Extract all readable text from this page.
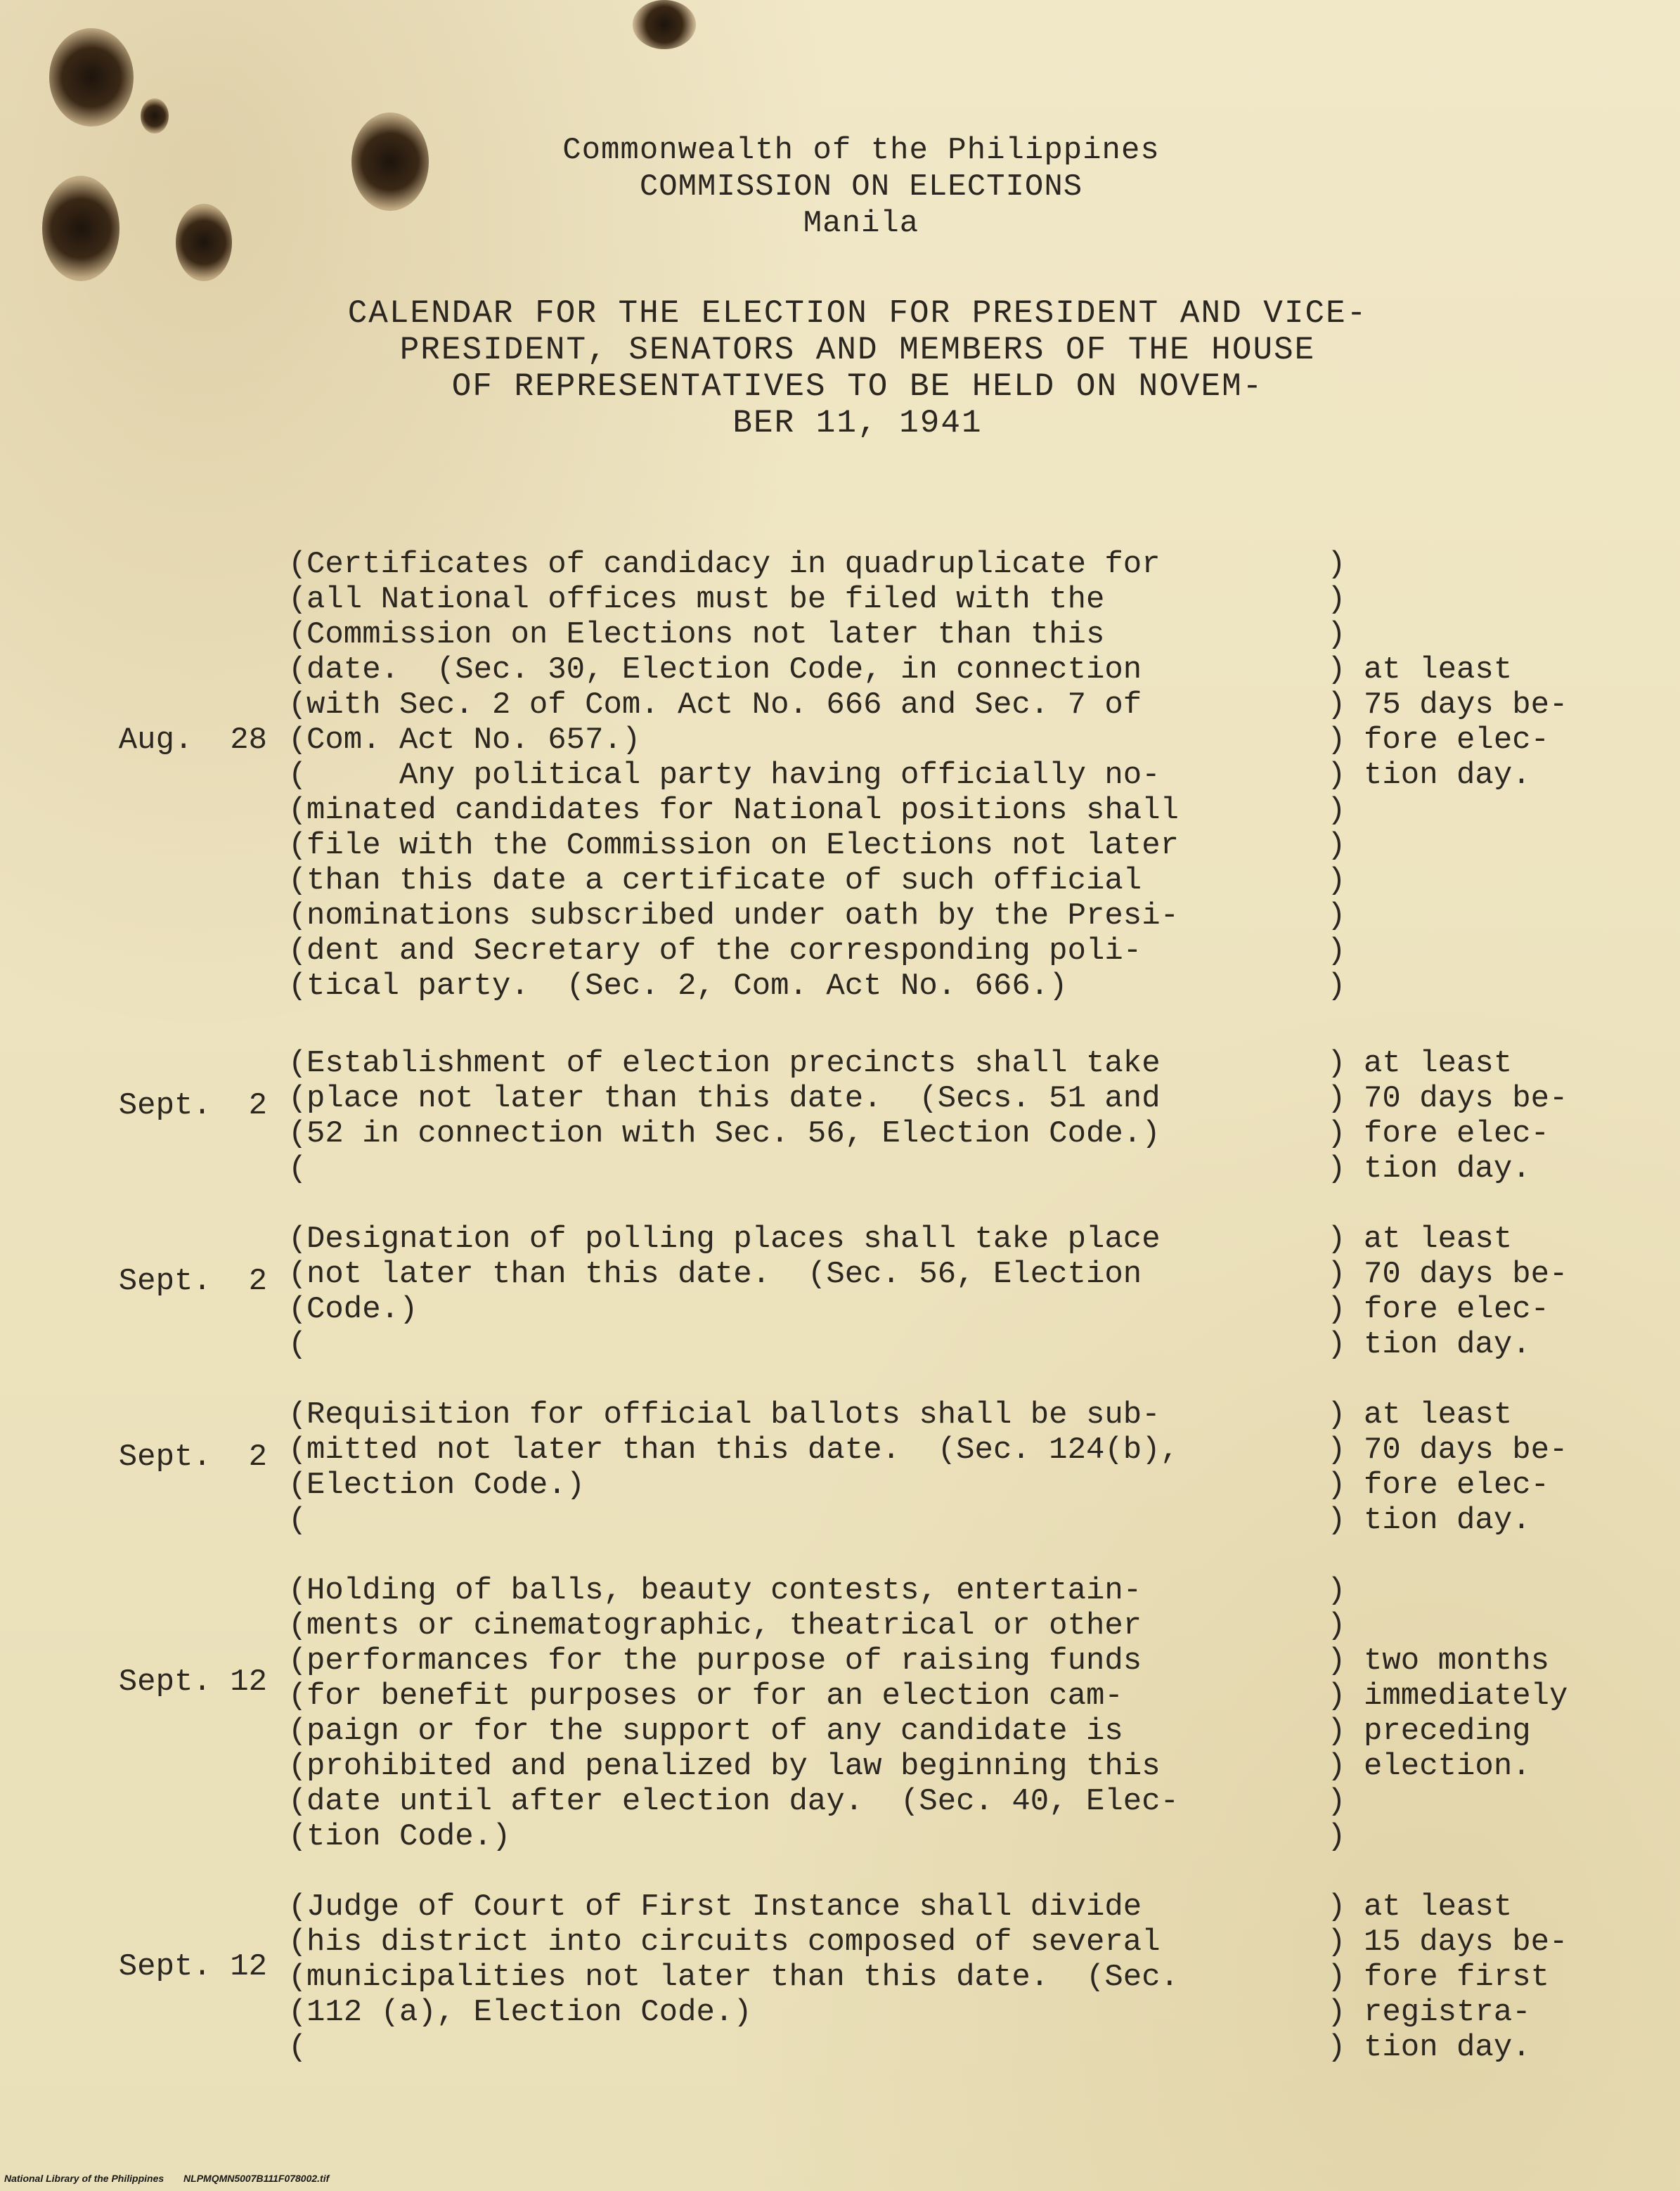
Commonwealth of the Philippines
COMMISSION ON ELECTIONS
Manila
CALENDAR FOR THE ELECTION FOR PRESIDENT AND VICE-
PRESIDENT, SENATORS AND MEMBERS OF THE HOUSE
OF REPRESENTATIVES TO BE HELD ON NOVEM-
BER 11, 1941
Aug.  28
( Certificates of candidacy in quadruplicate for
( all National offices must be filed with the
( Commission on Elections not later than this
( date.  (Sec. 30, Election Code, in connection
( with Sec. 2 of Com. Act No. 666 and Sec. 7 of
( Com. Act No. 657.)
(      Any political party having officially no-
( minated candidates for National positions shall
( file with the Commission on Elections not later
( than this date a certificate of such official
( nominations subscribed under oath by the Presi-
( dent and Secretary of the corresponding poli-
( tical party.  (Sec. 2, Com. Act No. 666.)
)
)
)
)
)
)
)
)
)
)
)
)
)
at least
75 days be-
fore elec-
tion day.
Sept.  2
( Establishment of election precincts shall take
( place not later than this date.  (Secs. 51 and
( 52 in connection with Sec. 56, Election Code.)
)
)
)
)
at least
70 days be-
fore elec-
tion day.
Sept.  2
( Designation of polling places shall take place
( not later than this date.  (Sec. 56, Election
( Code.)
)
)
)
)
at least
70 days be-
fore elec-
tion day.
Sept.  2
( Requisition for official ballots shall be sub-
( mitted not later than this date.  (Sec. 124(b),
( Election Code.)
)
)
)
)
at least
70 days be-
fore elec-
tion day.
Sept. 12
( Holding of balls, beauty contests, entertain-
( ments or cinematographic, theatrical or other
( performances for the purpose of raising funds
( for benefit purposes or for an election cam-
( paign or for the support of any candidate is
( prohibited and penalized by law beginning this
( date until after election day.  (Sec. 40, Elec-
( tion Code.)
)
)
)
)
)
)
)
)
two months
immediately
preceding
election.
Sept. 12
( Judge of Court of First Instance shall divide
( his district into circuits composed of several
( municipalities not later than this date.  (Sec.
( 112 (a), Election Code.)
)
)
)
)
)
at least
15 days be-
fore first
registra-
tion day.
National Library of the Philippines NLPMQMN5007B111F078002.tif
